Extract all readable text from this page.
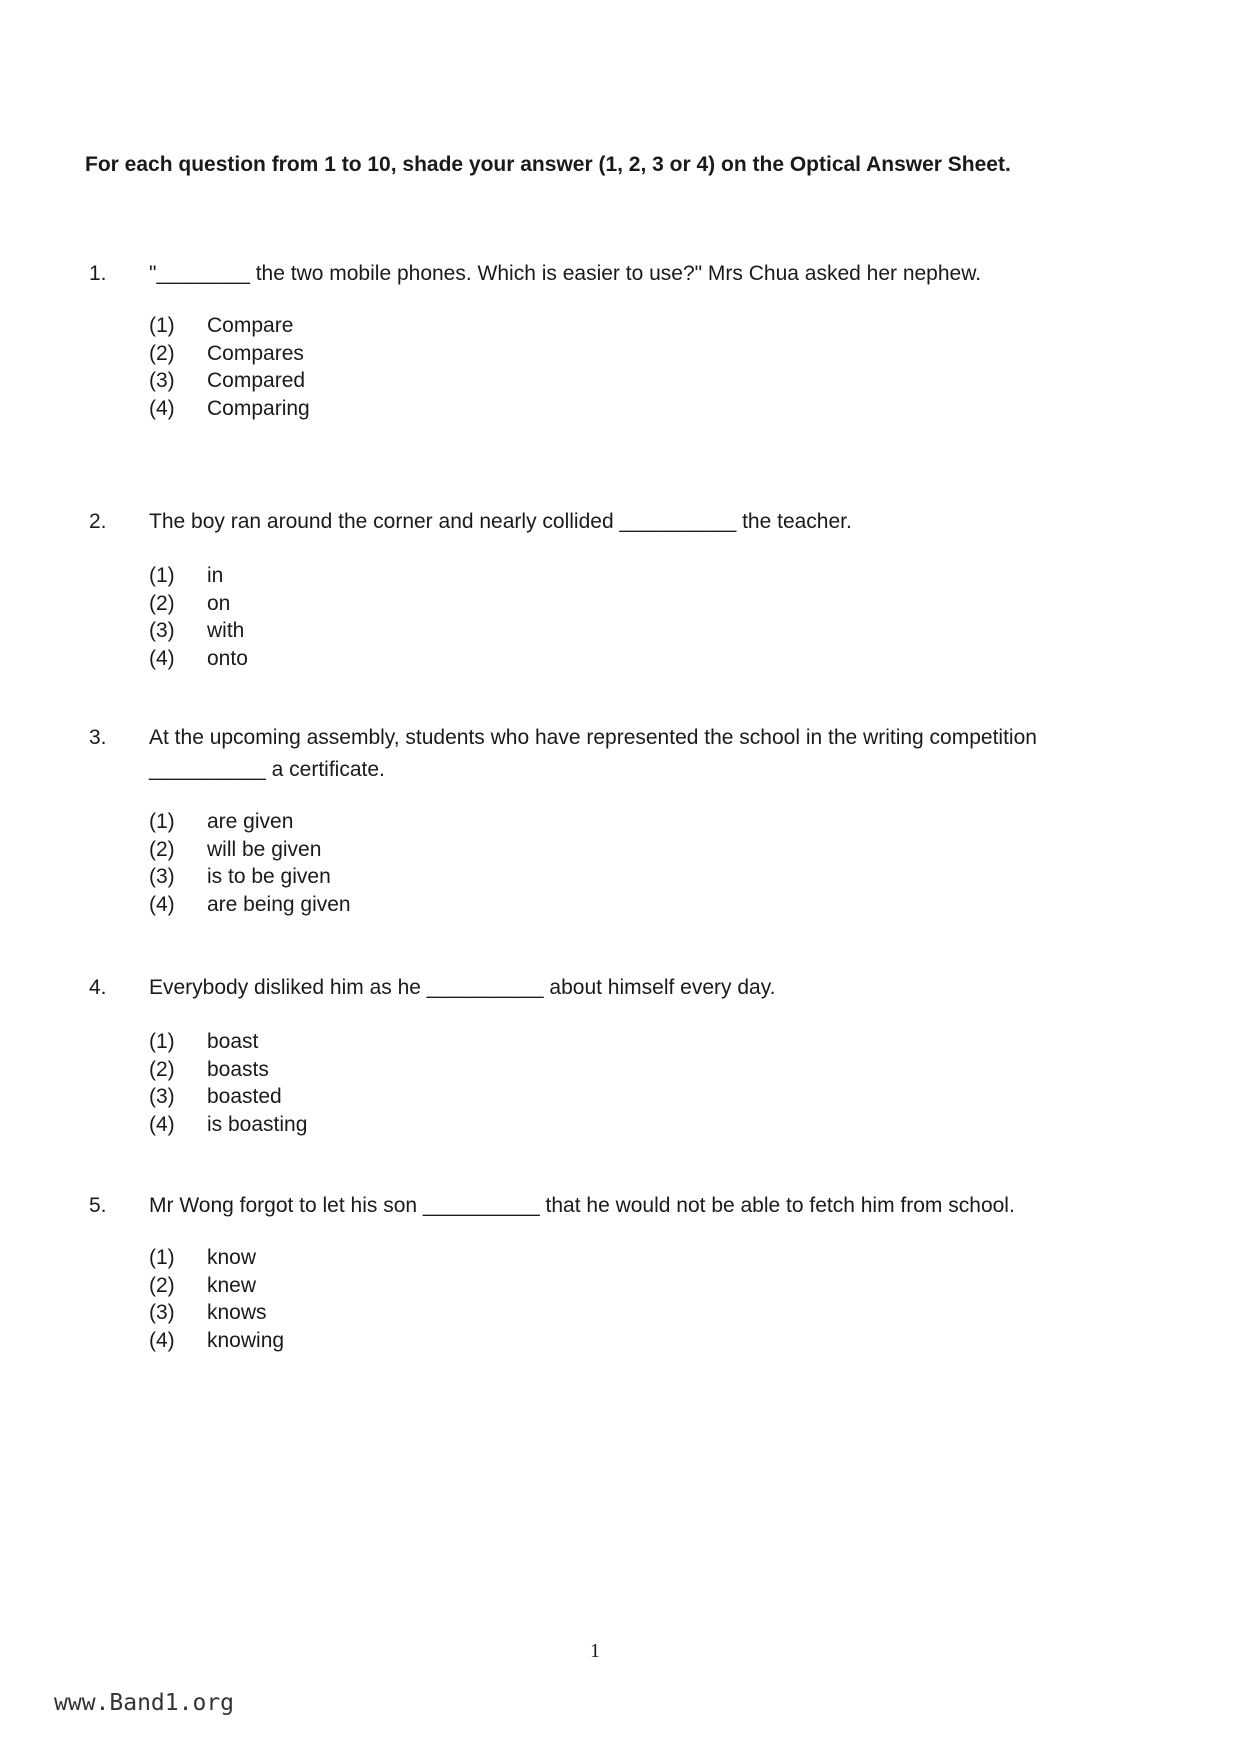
For each question from 1 to 10, shade your answer (1, 2, 3 or 4) on the Optical Answer Sheet.
1. "________ the two mobile phones. Which is easier to use?" Mrs Chua asked her nephew.
(1)	Compare
(2)	Compares
(3)	Compared
(4)	Comparing
2. The boy ran around the corner and nearly collided __________ the teacher.
(1)	in
(2)	on
(3)	with
(4)	onto
3. At the upcoming assembly, students who have represented the school in the writing competition __________ a certificate.
(1)	are given
(2)	will be given
(3)	is to be given
(4)	are being given
4. Everybody disliked him as he __________ about himself every day.
(1)	boast
(2)	boasts
(3)	boasted
(4)	is boasting
5. Mr Wong forgot to let his son __________ that he would not be able to fetch him from school.
(1)	know
(2)	knew
(3)	knows
(4)	knowing
1
www.Band1.org
